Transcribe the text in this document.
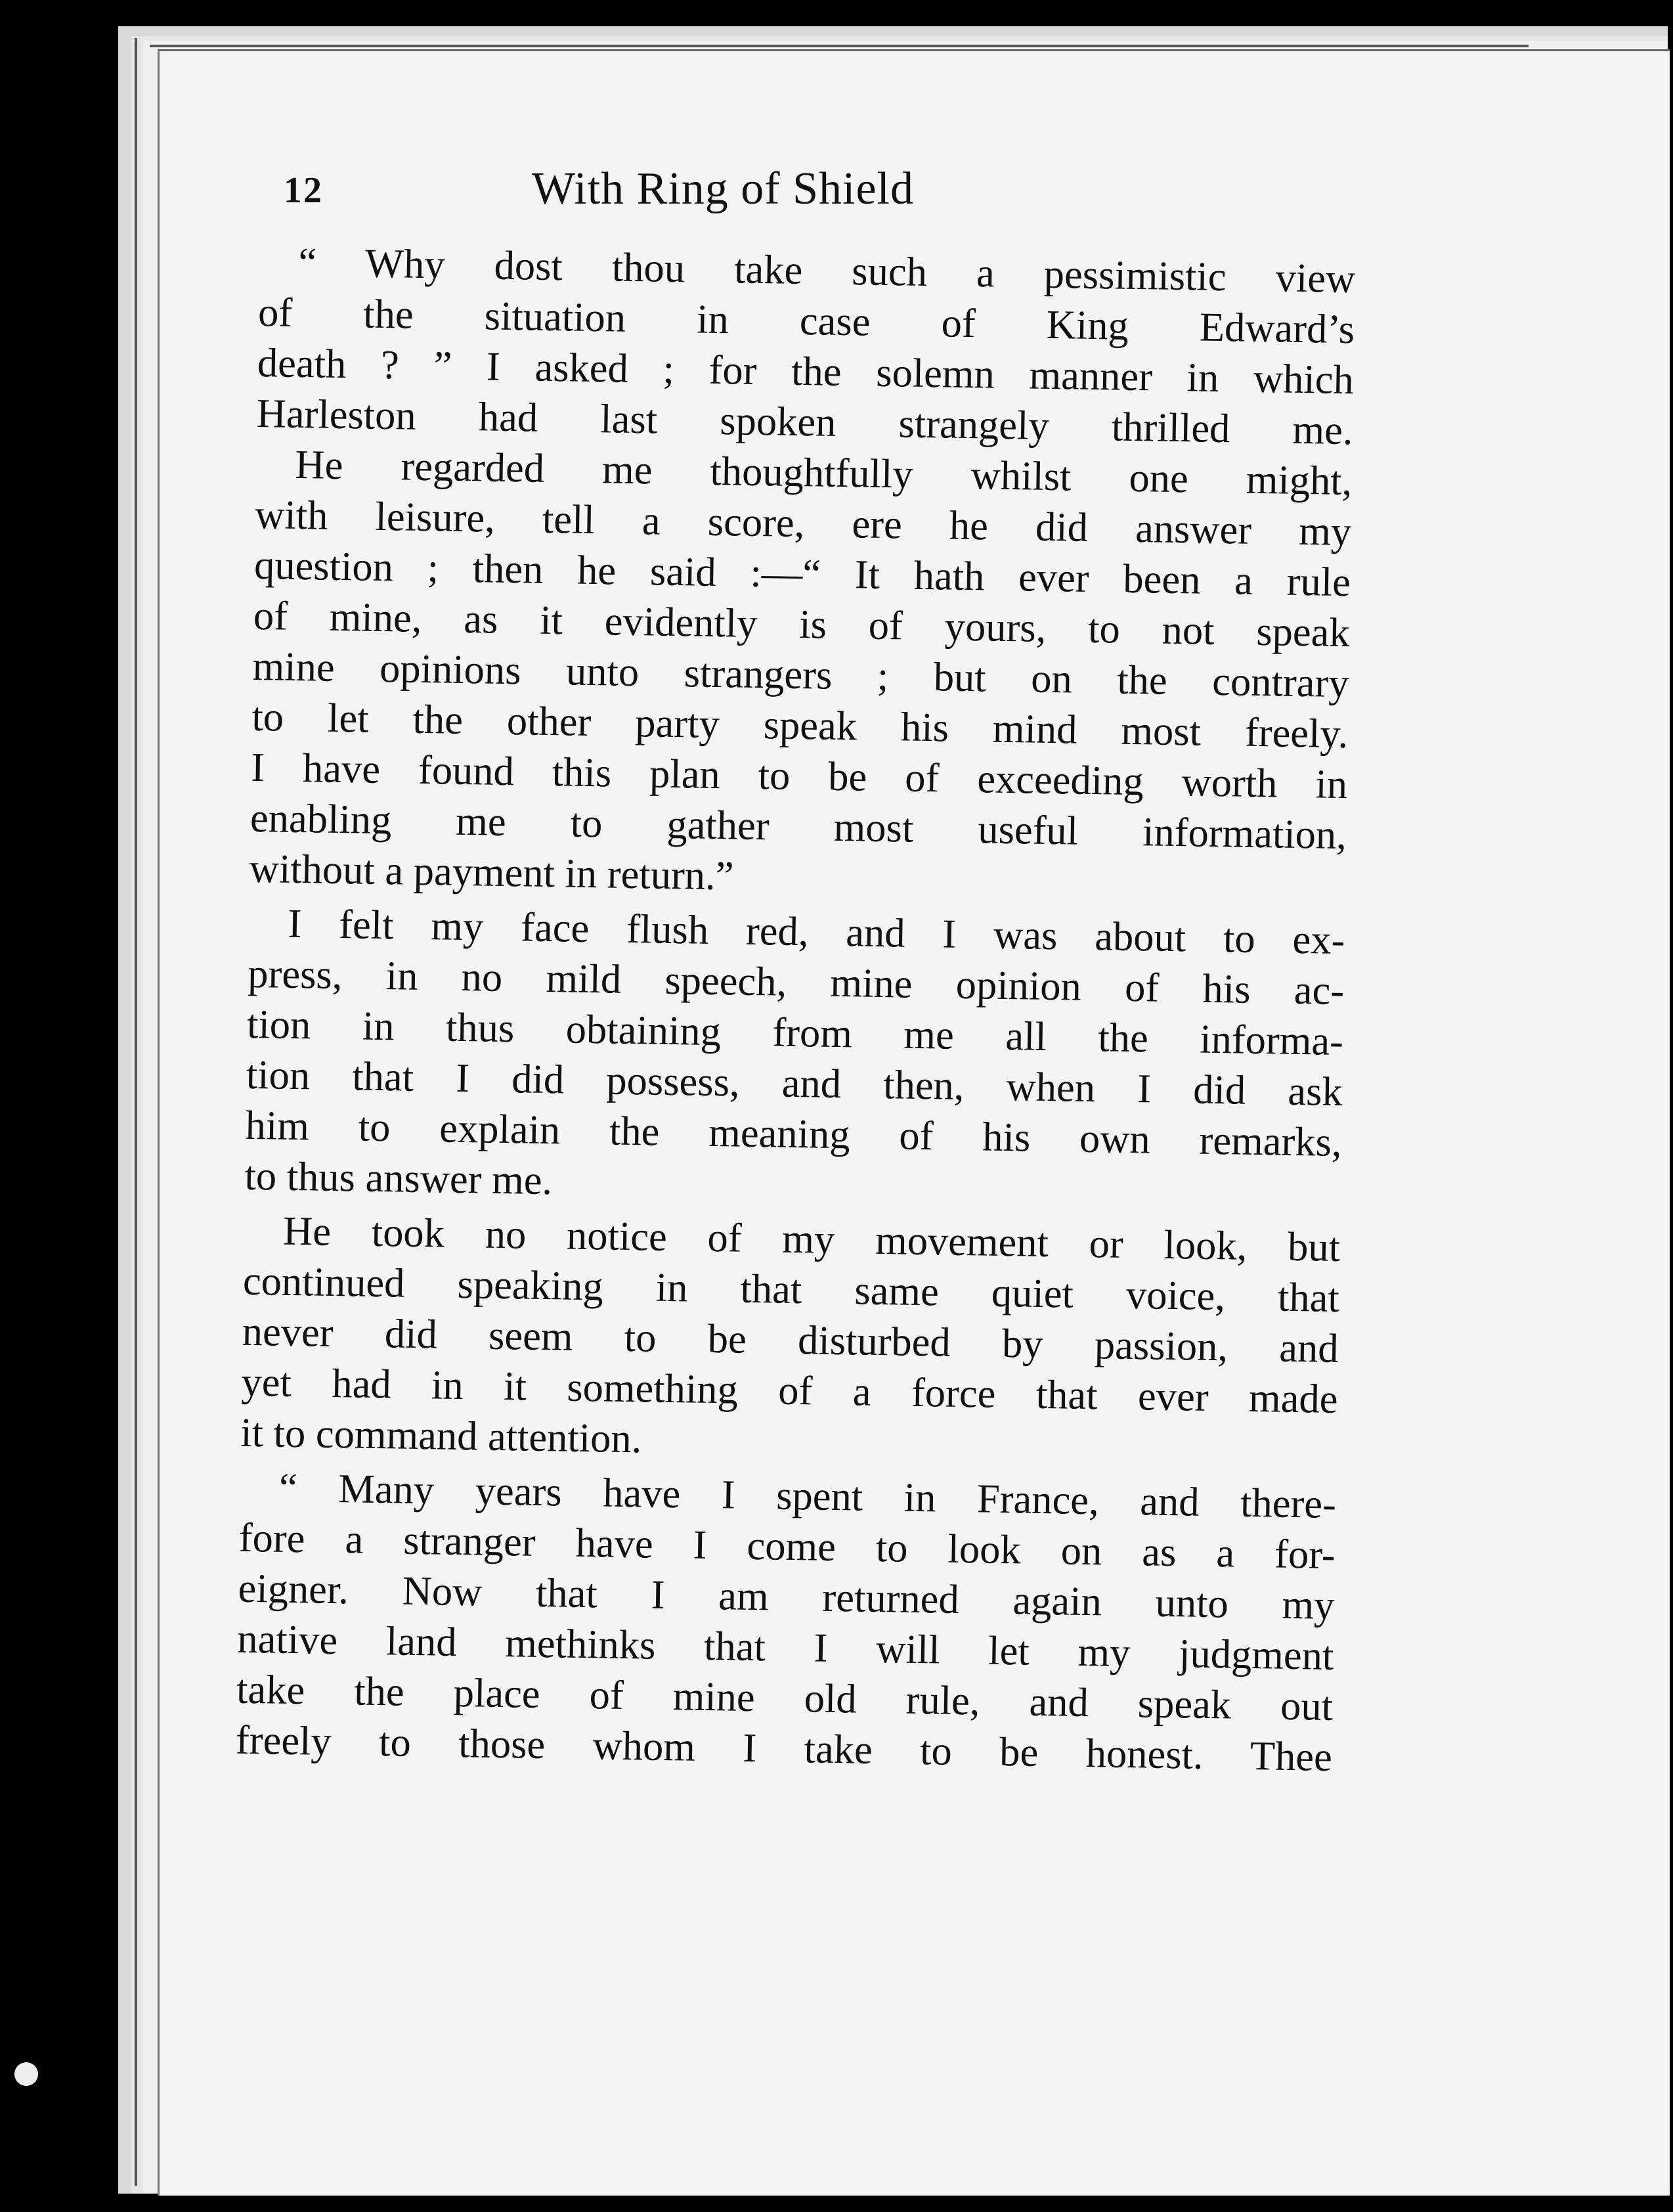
12	With Ring of Shield
“ Why dost thou take such a pessimistic view
of the situation in case of King Edward’s
death ? ” I asked ; for the solemn manner in which
Harleston had last spoken strangely thrilled me.
He regarded me thoughtfully whilst one might,
with leisure, tell a score, ere he did answer my
question ; then he said :—“ It hath ever been a rule
of mine, as it evidently is of yours, to not speak
mine opinions unto strangers ; but on the contrary
to let the other party speak his mind most freely.
I have found this plan to be of exceeding worth in
enabling me to gather most useful information,
without a payment in return.”
I felt my face flush red, and I was about to ex-
press, in no mild speech, mine opinion of his ac-
tion in thus obtaining from me all the informa-
tion that I did possess, and then, when I did ask
him to explain the meaning of his own remarks,
to thus answer me.
He took no notice of my movement or look, but
continued speaking in that same quiet voice, that
never did seem to be disturbed by passion, and
yet had in it something of a force that ever made
it to command attention.
“ Many years have I spent in France, and there-
fore a stranger have I come to look on as a for-
eigner. Now that I am returned again unto my
native land methinks that I will let my judgment
take the place of mine old rule, and speak out
freely to those whom I take to be honest. Thee
